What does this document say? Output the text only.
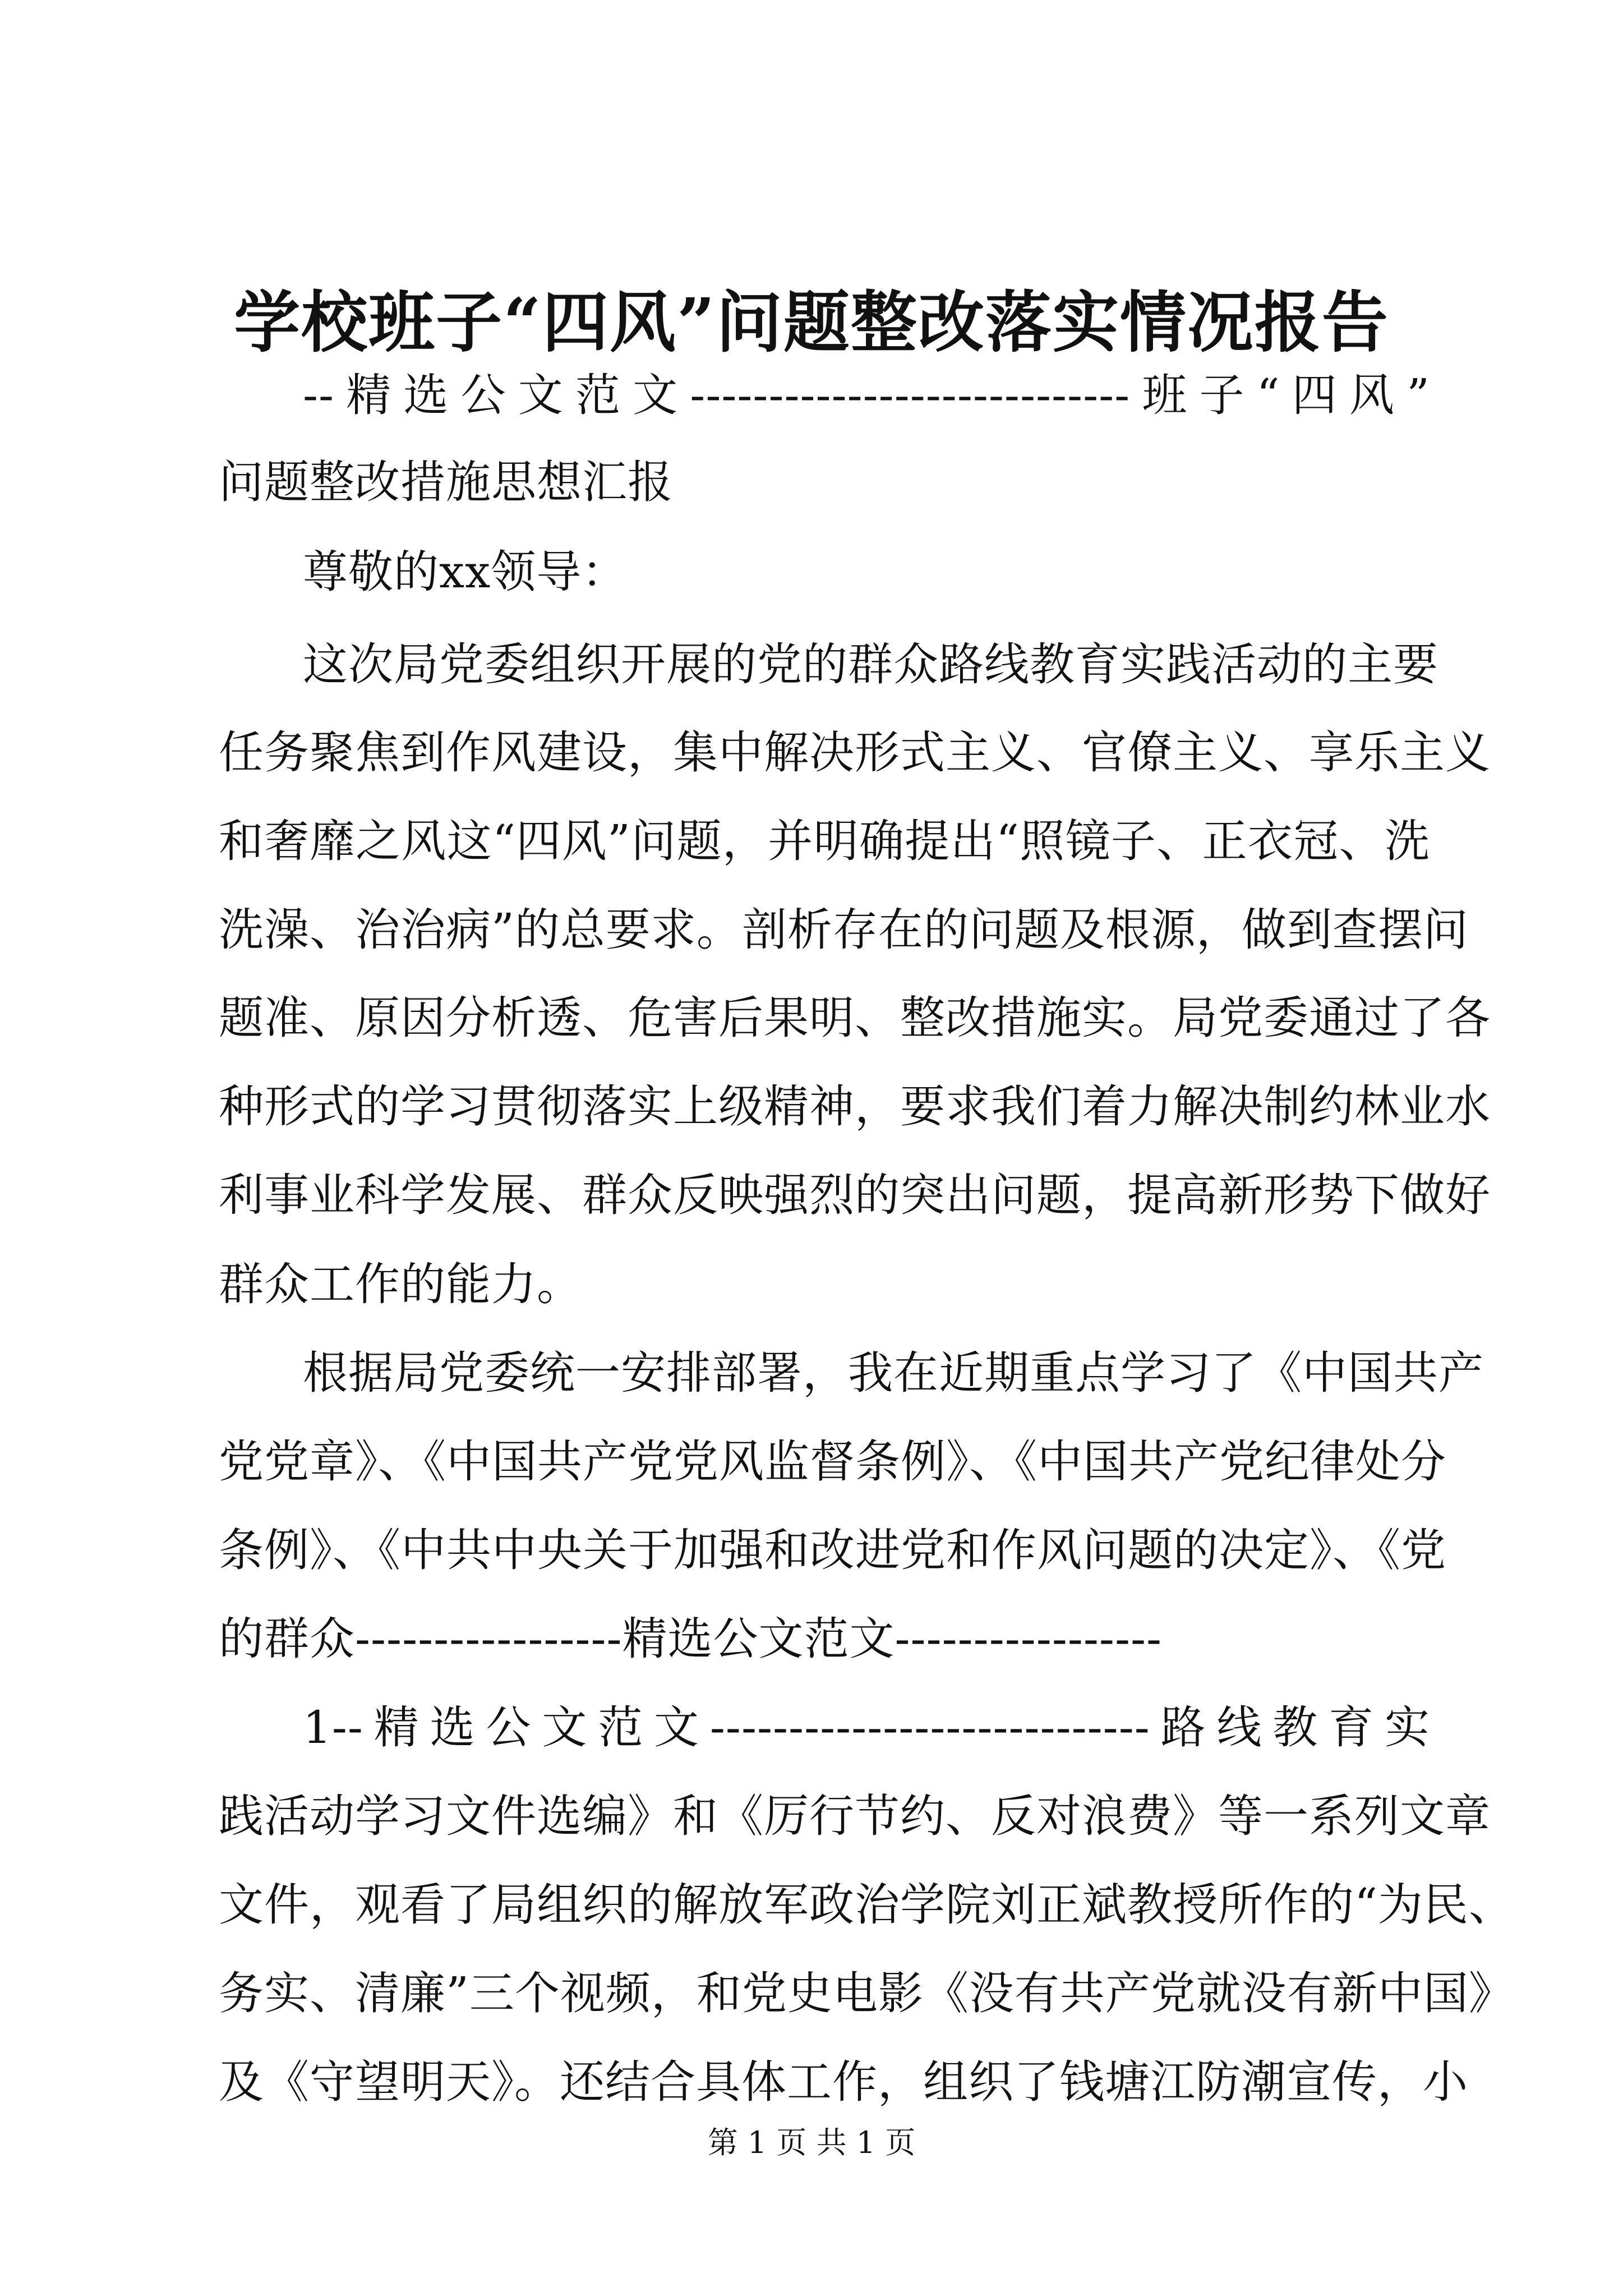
学校班子“四风”问题整改落实情况报告
--精选公文范文----------------------------班子“四风”
问题整改措施思想汇报
尊敬的xx领导：
这次局党委组织开展的党的群众路线教育实践活动的主要
任务聚焦到作风建设，集中解决形式主义、官僚主义、享乐主义
和奢靡之风这“四风”问题，并明确提出“照镜子、正衣冠、洗
洗澡、治治病”的总要求。剖析存在的问题及根源，做到查摆问
题准、原因分析透、危害后果明、整改措施实。局党委通过了各
种形式的学习贯彻落实上级精神，要求我们着力解决制约林业水
利事业科学发展、群众反映强烈的突出问题，提高新形势下做好
群众工作的能力。
根据局党委统一安排部署，我在近期重点学习了《中国共产
党党章》、《中国共产党党风监督条例》、《中国共产党纪律处分
条例》、《中共中央关于加强和改进党和作风问题的决定》、《党
的群众-----------------精选公文范文-----------------
1--精选公文范文----------------------------路线教育实
践活动学习文件选编》和《厉行节约、反对浪费》等一系列文章
文件，观看了局组织的解放军政治学院刘正斌教授所作的“为民、
务实、清廉”三个视频，和党史电影《没有共产党就没有新中国》
及《守望明天》。还结合具体工作，组织了钱塘江防潮宣传，小
第 1 页 共 1 页
